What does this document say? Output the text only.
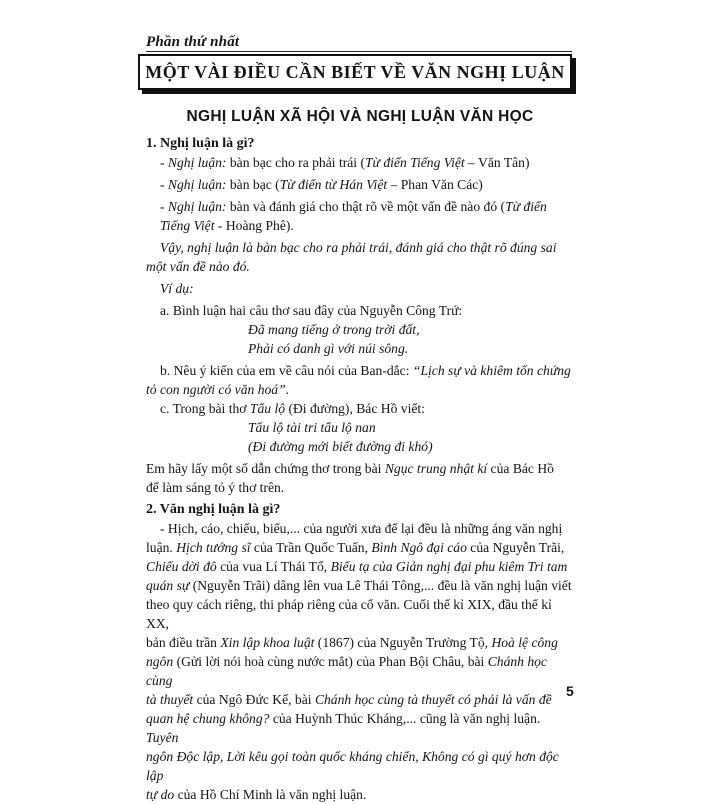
Phần thứ nhất
MỘT VÀI ĐIỀU CẦN BIẾT VỀ VĂN NGHỊ LUẬN
NGHỊ LUẬN XÃ HỘI VÀ NGHỊ LUẬN VĂN HỌC

1. Nghị luận là gì?

- Nghị luận: bàn bạc cho ra phải trái (Từ điển Tiếng Việt – Văn Tân)

- Nghị luận: bàn bạc (Từ điển từ Hán Việt – Phan Văn Các)

- Nghị luận: bàn và đánh giá cho thật rõ về một vấn đề nào đó (Từ điển Tiếng Việt - Hoàng Phê).

Vậy, nghị luận là bàn bạc cho ra phải trái, đánh giá cho thật rõ đúng sai

một vấn đề nào đó.

Ví dụ:

a. Bình luận hai câu thơ sau đây của Nguyễn Công Trứ:

Đã mang tiếng ở trong trời đất,

Phải có danh gì với núi sông.

b. Nêu ý kiến của em về câu nói của Ban-dắc: “Lịch sự và khiêm tốn chứng

tỏ con người có văn hoá”.

c. Trong bài thơ Tẩu lộ (Đi đường), Bác Hồ viết:

Tẩu lộ tài tri tẩu lộ nan

(Đi đường mới biết đường đi khó)

Em hãy lấy một số dẫn chứng thơ trong bài Ngục trung nhật kí của Bác Hồ

để làm sáng tỏ ý thơ trên.

2. Văn nghị luận là gì?

- Hịch, cáo, chiếu, biểu,... của người xưa để lại đều là những áng văn nghị

luận. Hịch tướng sĩ của Trần Quốc Tuấn, Bình Ngô đại cáo của Nguyễn Trãi,

Chiếu dời đô của vua Lí Thái Tổ, Biểu tạ của Giản nghị đại phu kiêm Tri tam

quán sự (Nguyễn Trãi) dâng lên vua Lê Thái Tông,... đều là văn nghị luận viết

theo quy cách riêng, thi pháp riêng của cổ văn. Cuối thế kỉ XIX, đầu thế kỉ XX,

bản điều trần Xin lập khoa luật (1867) của Nguyễn Trường Tộ, Hoà lệ công

ngôn (Gửi lời nói hoà cùng nước mắt) của Phan Bội Châu, bài Chánh học cùng

tà thuyết của Ngô Đức Kế, bài Chánh học cùng tà thuyết có phải là vấn đề

quan hệ chung không? của Huỳnh Thúc Kháng,... cũng là văn nghị luận. Tuyên

ngôn Độc lập, Lời kêu gọi toàn quốc kháng chiến, Không có gì quý hơn độc lập

tự do của Hồ Chí Minh là văn nghị luận.

5
